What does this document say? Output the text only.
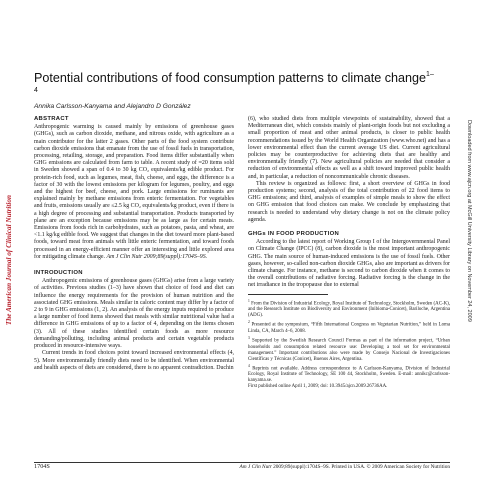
The American Journal of Clinical Nutrition	Downloaded from www.ajcn.org at McGill University Library on November 24, 2009
Potential contributions of food consumption patterns to climate change$^{1-4}$
Annika Carlsson-Kanyama and Alejandro D González
ABSTRACT

Anthropogenic warming is caused mainly by emissions of greenhouse gases (GHGs), such as carbon dioxide, methane, and nitrous oxide, with agriculture as a main contributor for the latter 2 gases. Other parts of the food system contribute carbon dioxide emissions that emanate from the use of fossil fuels in transportation, processing, retailing, storage, and preparation. Food items differ substantially when GHG emissions are calculated from farm to table. A recent study of ≈20 items sold in Sweden showed a span of 0.4 to 30 kg CO₂ equivalents/kg edible product. For protein-rich food, such as legumes, meat, fish, cheese, and eggs, the difference is a factor of 30 with the lowest emissions per kilogram for legumes, poultry, and eggs and the highest for beef, cheese, and pork. Large emissions for ruminants are explained mainly by methane emissions from enteric fermentation. For vegetables and fruits, emissions usually are ≤2.5 kg CO₂ equivalents/kg product, even if there is a high degree of processing and substantial transportation. Products transported by plane are an exception because emissions may be as large as for certain meats. Emissions from foods rich in carbohydrates, such as potatoes, pasta, and wheat, are <1.1 kg/kg edible food. We suggest that changes in the diet toward more plant-based foods, toward meat from animals with little enteric fermentation, and toward foods processed in an energy-efficient manner offer an interesting and little explored area for mitigating climate change. Am J Clin Nutr 2009;89(suppl):1704S–9S.

INTRODUCTION

Anthropogenic emissions of greenhouse gases (GHGs) arise from a large variety of activities. Previous studies (1–3) have shown that choice of food and diet can influence the energy requirements for the provision of human nutrition and the associated GHG emissions. Meals similar in caloric content may differ by a factor of 2 to 9 in GHG emissions (1, 2). An analysis of the energy inputs required to produce a large number of food items showed that meals with similar nutritional value had a difference in GHG emissions of up to a factor of 4, depending on the items chosen (3). All of these studies identified certain foods as more resource demanding/polluting, including animal products and certain vegetable products produced in resource-intensive ways.

Current trends in food choices point toward increased environmental effects (4, 5). More environmentally friendly diets need to be identified. When environmental and health aspects of diets are considered, there is no apparent contradiction. Duchin

(6), who studied diets from multiple viewpoints of sustainability, showed that a Mediterranean diet, which consists mainly of plant-origin foods but not excluding a small proportion of meat and other animal products, is closer to public health recommendations issued by the World Health Organization (www.who.net) and has a lower environmental effect than the current average US diet. Current agricultural policies may be counterproductive for achieving diets that are healthy and environmentally friendly (7). New agricultural policies are needed that consider a reduction of environmental effects as well as a shift toward improved public health and, in particular, a reduction of noncommunicable chronic diseases.

This review is organized as follows: first, a short overview of GHGs in food production systems; second, analysis of the total contribution of 22 food items to GHG emissions; and third, analysis of examples of simple meals to show the effect on GHG emission that food choices can make. We conclude by emphasizing that research is needed to understand why dietary change is not on the climate policy agenda.

GHGs IN FOOD PRODUCTION

According to the latest report of Working Group I of the Intergovernmental Panel on Climate Change (IPCC) (8), carbon dioxide is the most important anthropogenic GHG. The main source of human-induced emissions is the use of fossil fuels. Other gases, however, so-called non-carbon dioxide GHGs, also are important as drivers for climate change. For instance, methane is second to carbon dioxide when it comes to the overall contributions of radiative forcing. Radiative forcing is the change in the net irradiance in the tropopause due to external

$^1$ From the Division of Industrial Ecology, Royal Institute of Technology, Stockholm, Sweden (AC-K), and the Research Institute on Biodiversity and Environment (Inibioma-Conicet), Bariloche, Argentina (ADG).
$^2$ Presented at the symposium, “Fifth International Congress on Vegetarian Nutrition,” held in Loma Linda, CA, March 4–6, 2008.
$^3$ Supported by the Swedish Research Council Formas as part of the information project, “Urban households and consumption related resource use: Developing a tool set for environmental management.” Important contributions also were made by Consejo Nacional de Investigaciones Científicas y Técnicas (Conicet), Buenos Aires, Argentina.
$^4$ Reprints not available. Address correspondence to A Carlsson-Kanyama, Division of Industrial Ecology, Royal Institute of Technology, SE 100 44, Stockholm, Sweden. E-mail: annikc@carlsson-kanyama.se.
First published online April 1, 2009; doi: 10.3945/ajcn.2009.26736AA.
1704S	Am J Clin Nutr 2009;89(suppl):1704S–9S. Printed in USA. © 2009 American Society for Nutrition
